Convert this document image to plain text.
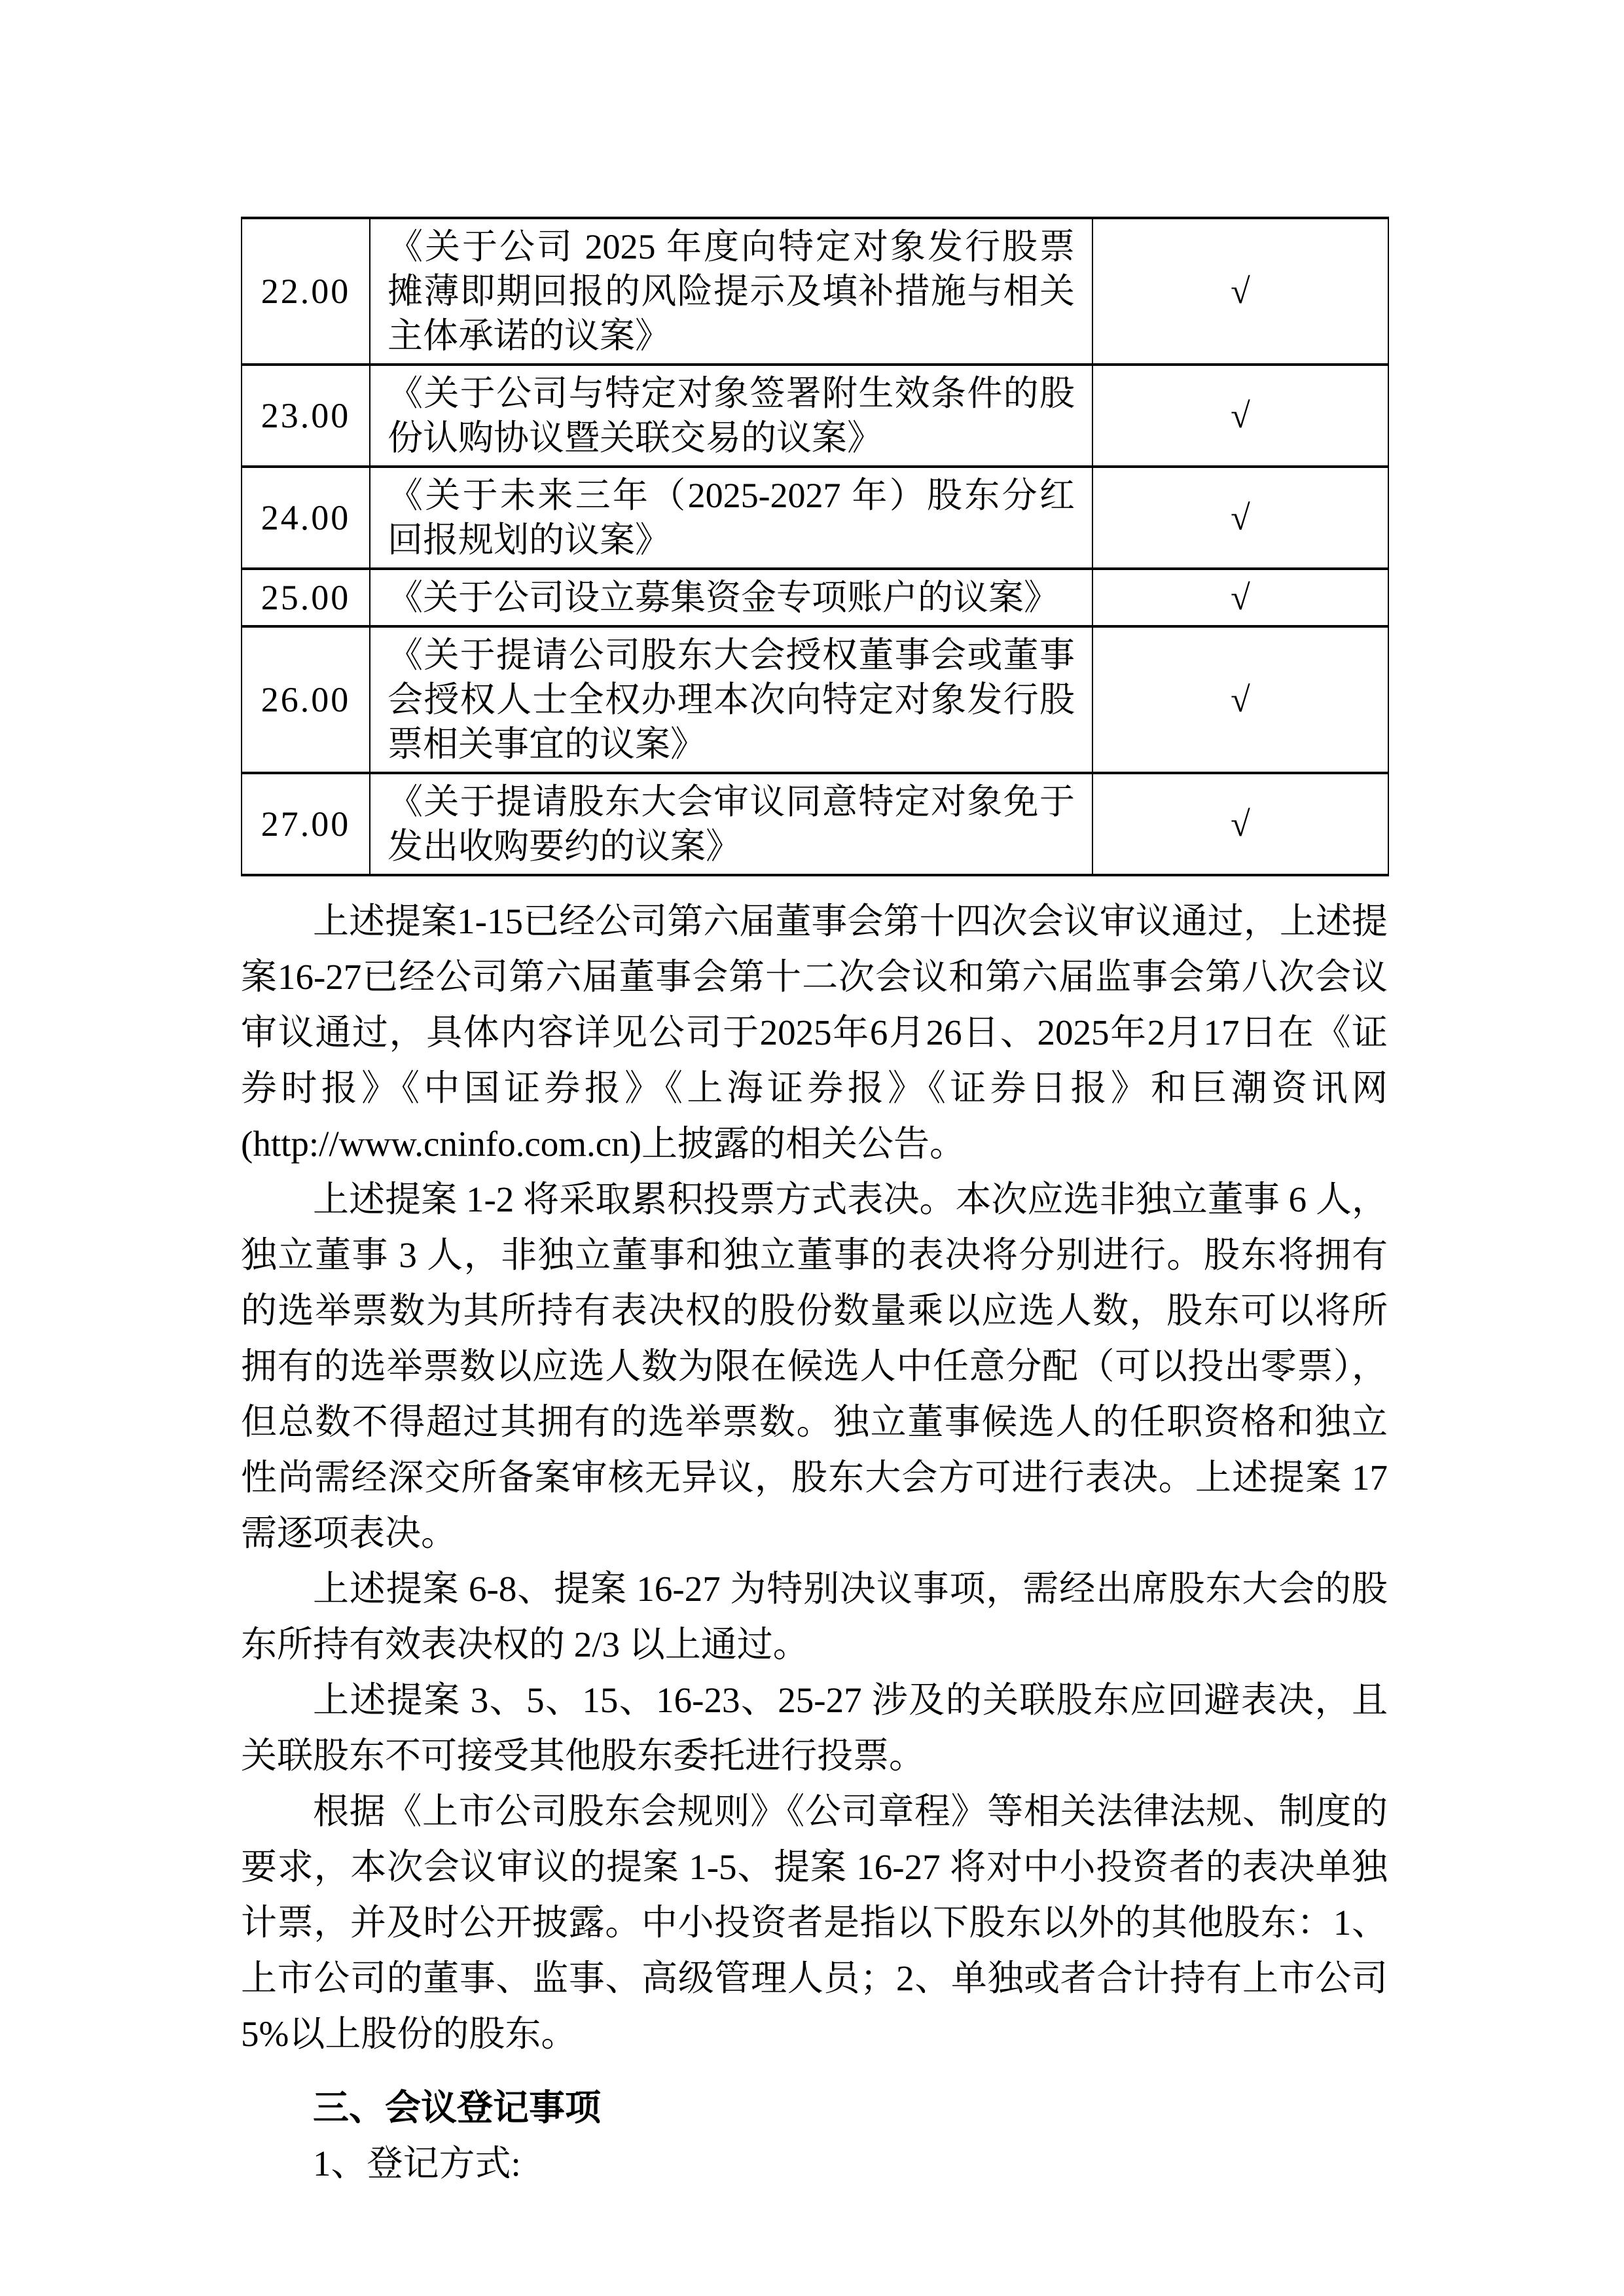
22.00	《关于公司 2025 年度向特定对象发行股票摊薄即期回报的风险提示及填补措施与相关主体承诺的议案》	√
23.00	《关于公司与特定对象签署附生效条件的股份认购协议暨关联交易的议案》	√
24.00	《关于未来三年（2025-2027 年）股东分红回报规划的议案》	√
25.00	《关于公司设立募集资金专项账户的议案》	√
26.00	《关于提请公司股东大会授权董事会或董事会授权人士全权办理本次向特定对象发行股票相关事宜的议案》	√
27.00	《关于提请股东大会审议同意特定对象免于发出收购要约的议案》	√

上述提案1-15已经公司第六届董事会第十四次会议审议通过，上述提案16-27已经公司第六届董事会第十二次会议和第六届监事会第八次会议审议通过，具体内容详见公司于2025年6月26日、2025年2月17日在《证券时报》《中国证券报》《上海证券报》《证券日报》和巨潮资讯网(http://www.cninfo.com.cn)上披露的相关公告。

上述提案 1-2 将采取累积投票方式表决。本次应选非独立董事 6 人，独立董事 3 人，非独立董事和独立董事的表决将分别进行。股东将拥有的选举票数为其所持有表决权的股份数量乘以应选人数，股东可以将所拥有的选举票数以应选人数为限在候选人中任意分配（可以投出零票），但总数不得超过其拥有的选举票数。独立董事候选人的任职资格和独立性尚需经深交所备案审核无异议，股东大会方可进行表决。上述提案 17 需逐项表决。

上述提案 6-8、提案 16-27 为特别决议事项，需经出席股东大会的股东所持有效表决权的 2/3 以上通过。

上述提案 3、5、15、16-23、25-27 涉及的关联股东应回避表决，且关联股东不可接受其他股东委托进行投票。

根据《上市公司股东会规则》《公司章程》等相关法律法规、制度的要求，本次会议审议的提案 1-5、提案 16-27 将对中小投资者的表决单独计票，并及时公开披露。中小投资者是指以下股东以外的其他股东：1、上市公司的董事、监事、高级管理人员；2、单独或者合计持有上市公司 5%以上股份的股东。

三、会议登记事项

1、登记方式:
